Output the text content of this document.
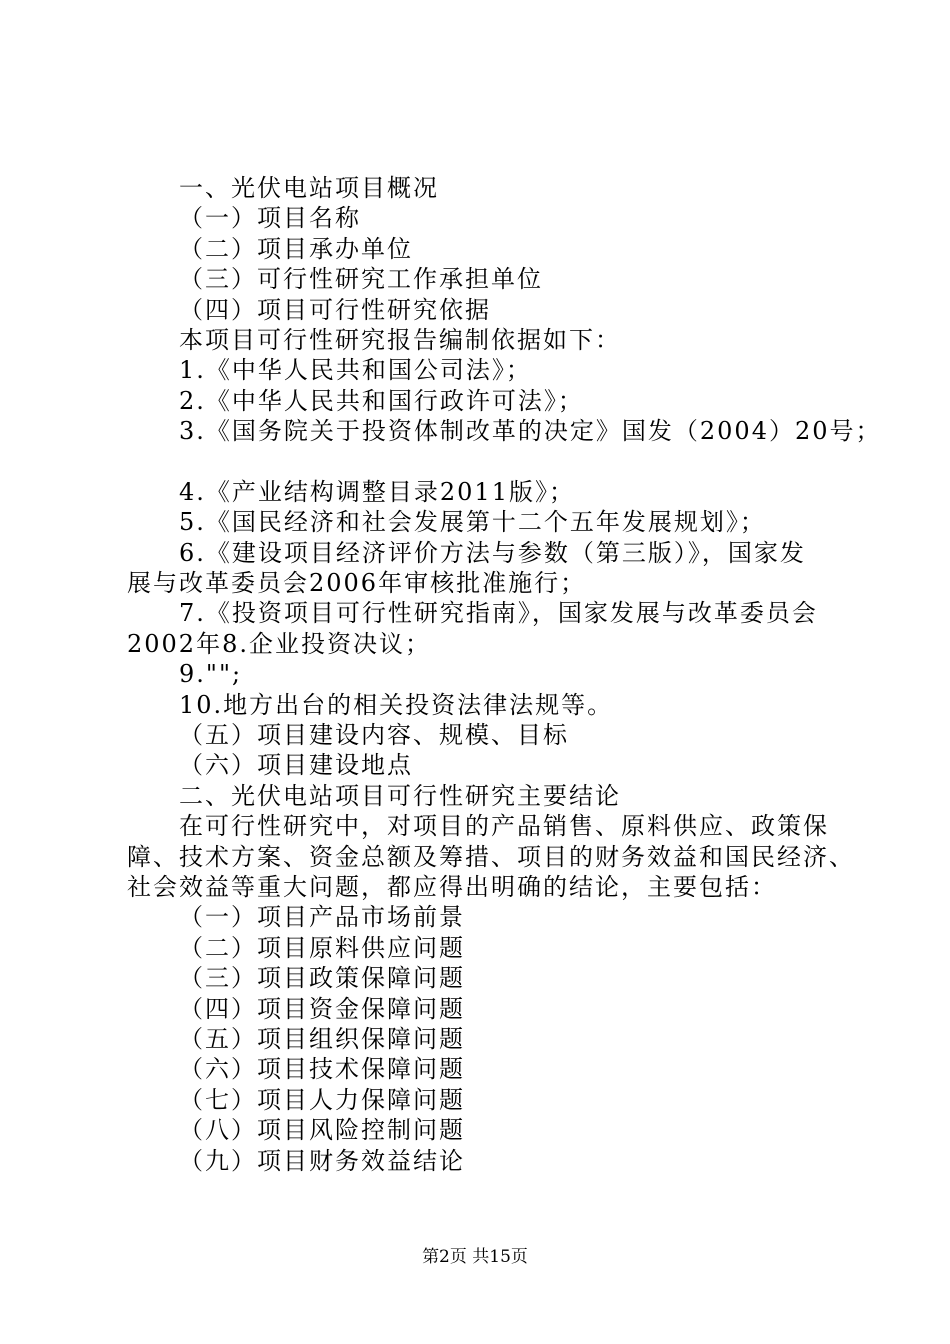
一、光伏电站项目概况
（一）项目名称
（二）项目承办单位
（三）可行性研究工作承担单位
（四）项目可行性研究依据
本项目可行性研究报告编制依据如下：
1.《中华人民共和国公司法》；
2.《中华人民共和国行政许可法》；
3.《国务院关于投资体制改革的决定》国发（2004）20号；
4.《产业结构调整目录2011版》；
5.《国民经济和社会发展第十二个五年发展规划》；
6.《建设项目经济评价方法与参数（第三版）》，国家发
展与改革委员会2006年审核批准施行；
7.《投资项目可行性研究指南》，国家发展与改革委员会
2002年8.企业投资决议；
9."";
10.地方出台的相关投资法律法规等。
（五）项目建设内容、规模、目标
（六）项目建设地点
二、光伏电站项目可行性研究主要结论
在可行性研究中，对项目的产品销售、原料供应、政策保
障、技术方案、资金总额及筹措、项目的财务效益和国民经济、
社会效益等重大问题，都应得出明确的结论，主要包括：
（一）项目产品市场前景
（二）项目原料供应问题
（三）项目政策保障问题
（四）项目资金保障问题
（五）项目组织保障问题
（六）项目技术保障问题
（七）项目人力保障问题
（八）项目风险控制问题
（九）项目财务效益结论
第2页 共15页
